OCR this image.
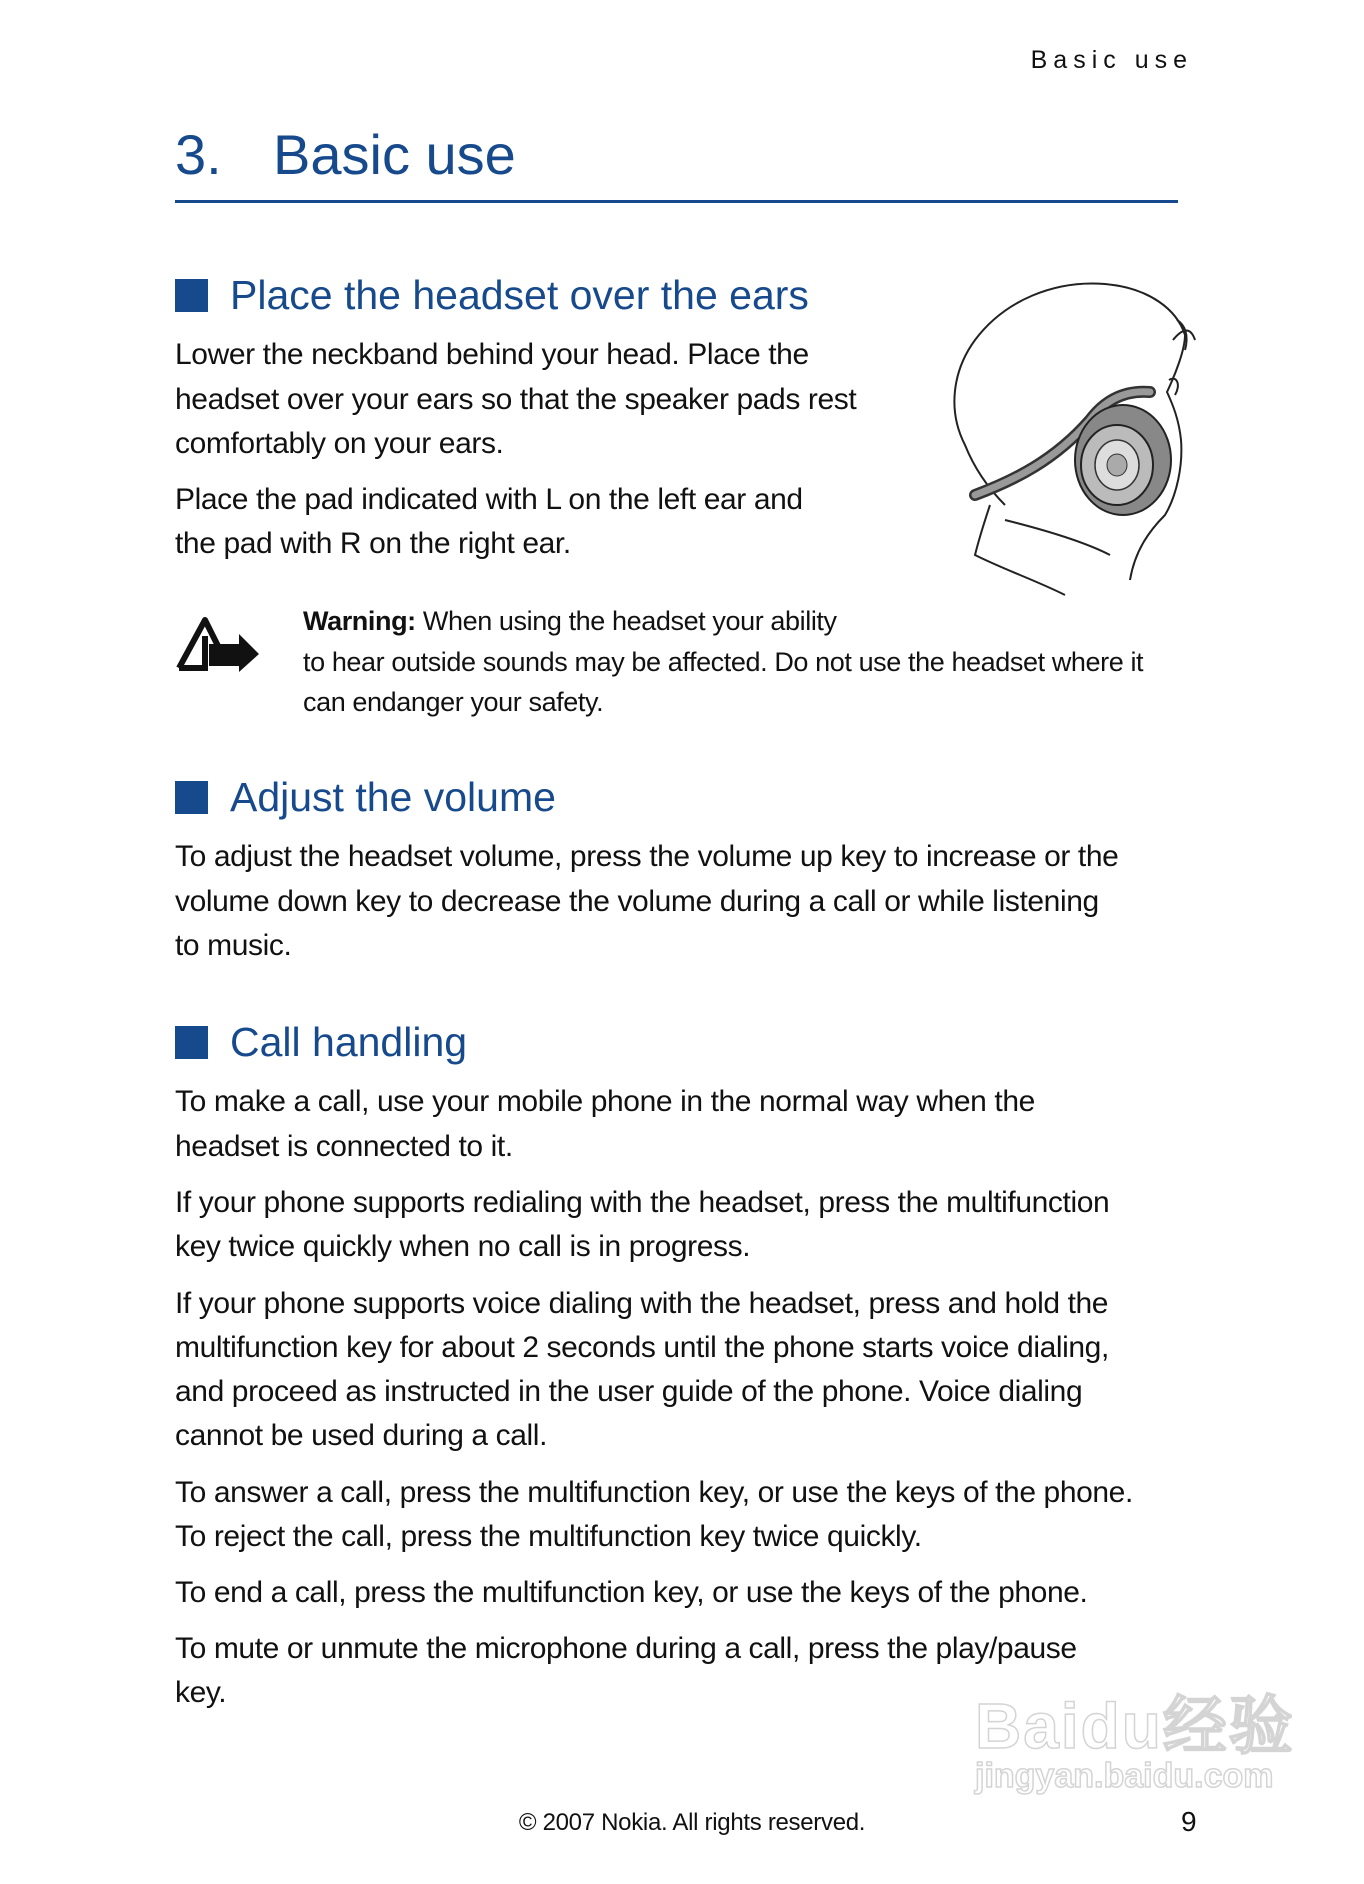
Basic use
3. Basic use
Place the headset over the ears
Lower the neckband behind your head. Place the
headset over your ears so that the speaker pads rest
comfortably on your ears.
Place the pad indicated with L on the left ear and
the pad with R on the right ear.
Warning: When using the headset your ability
to hear outside sounds may be affected. Do not use the headset where it
can endanger your safety.
Adjust the volume
To adjust the headset volume, press the volume up key to increase or the
volume down key to decrease the volume during a call or while listening
to music.
Call handling
To make a call, use your mobile phone in the normal way when the
headset is connected to it.
If your phone supports redialing with the headset, press the multifunction
key twice quickly when no call is in progress.
If your phone supports voice dialing with the headset, press and hold the
multifunction key for about 2 seconds until the phone starts voice dialing,
and proceed as instructed in the user guide of the phone. Voice dialing
cannot be used during a call.
To answer a call, press the multifunction key, or use the keys of the phone.
To reject the call, press the multifunction key twice quickly.
To end a call, press the multifunction key, or use the keys of the phone.
To mute or unmute the microphone during a call, press the play/pause
key.	Baidu经验
jingyan.baidu.com
© 2007 Nokia. All rights reserved.	9
